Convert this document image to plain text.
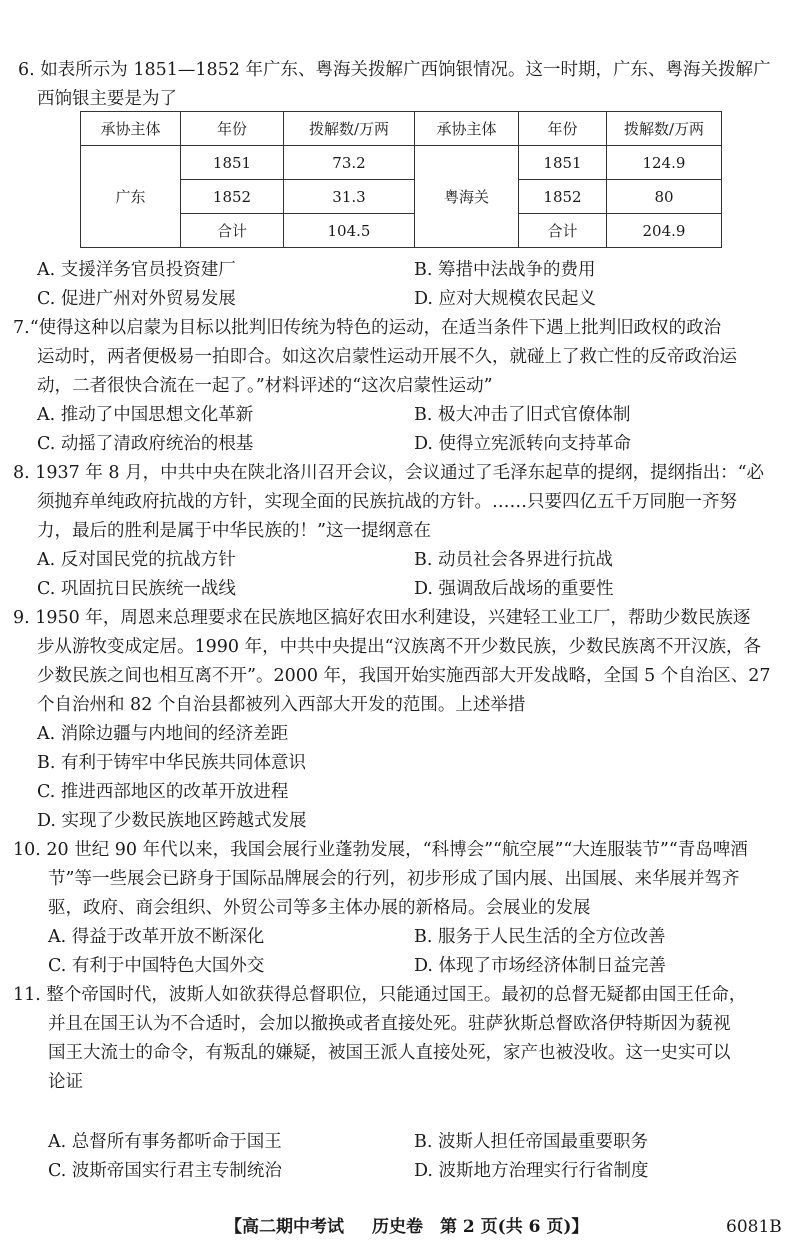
6. 如表所示为 1851—1852 年广东、粤海关拨解广西饷银情况。这一时期，广东、粤海关拨解广
西饷银主要是为了
承协主体	年份	拨解数/万两	承协主体	年份	拨解数/万两
广东	1851	73.2	粤海关	1851	124.9
	1852	31.3		1852	80
	合计	104.5		合计	204.9
A. 支援洋务官员投资建厂	B. 筹措中法战争的费用
C. 促进广州对外贸易发展	D. 应对大规模农民起义
7.“使得这种以启蒙为目标以批判旧传统为特色的运动，在适当条件下遇上批判旧政权的政治
运动时，两者便极易一拍即合。如这次启蒙性运动开展不久，就碰上了救亡性的反帝政治运
动，二者很快合流在一起了。”材料评述的“这次启蒙性运动”
A. 推动了中国思想文化革新	B. 极大冲击了旧式官僚体制
C. 动摇了清政府统治的根基	D. 使得立宪派转向支持革命
8. 1937 年 8 月，中共中央在陕北洛川召开会议，会议通过了毛泽东起草的提纲，提纲指出：“必
须抛弃单纯政府抗战的方针，实现全面的民族抗战的方针。……只要四亿五千万同胞一齐努
力，最后的胜利是属于中华民族的！”这一提纲意在
A. 反对国民党的抗战方针	B. 动员社会各界进行抗战
C. 巩固抗日民族统一战线	D. 强调敌后战场的重要性
9. 1950 年，周恩来总理要求在民族地区搞好农田水利建设，兴建轻工业工厂，帮助少数民族逐
步从游牧变成定居。1990 年，中共中央提出“汉族离不开少数民族，少数民族离不开汉族，各
少数民族之间也相互离不开”。2000 年，我国开始实施西部大开发战略，全国 5 个自治区、27
个自治州和 82 个自治县都被列入西部大开发的范围。上述举措
A. 消除边疆与内地间的经济差距
B. 有利于铸牢中华民族共同体意识
C. 推进西部地区的改革开放进程
D. 实现了少数民族地区跨越式发展
10. 20 世纪 90 年代以来，我国会展行业蓬勃发展，“科博会”“航空展”“大连服装节”“青岛啤酒
节”等一些展会已跻身于国际品牌展会的行列，初步形成了国内展、出国展、来华展并驾齐
驱，政府、商会组织、外贸公司等多主体办展的新格局。会展业的发展
A. 得益于改革开放不断深化	B. 服务于人民生活的全方位改善
C. 有利于中国特色大国外交	D. 体现了市场经济体制日益完善
11. 整个帝国时代，波斯人如欲获得总督职位，只能通过国王。最初的总督无疑都由国王任命，
并且在国王认为不合适时，会加以撤换或者直接处死。驻萨狄斯总督欧洛伊特斯因为藐视
国王大流士的命令，有叛乱的嫌疑，被国王派人直接处死，家产也被没收。这一史实可以
论证
A. 总督所有事务都听命于国王	B. 波斯人担任帝国最重要职务
C. 波斯帝国实行君主专制统治	D. 波斯地方治理实行行省制度
【高二期中考试 历史卷 第 2 页(共 6 页)】	6081B
